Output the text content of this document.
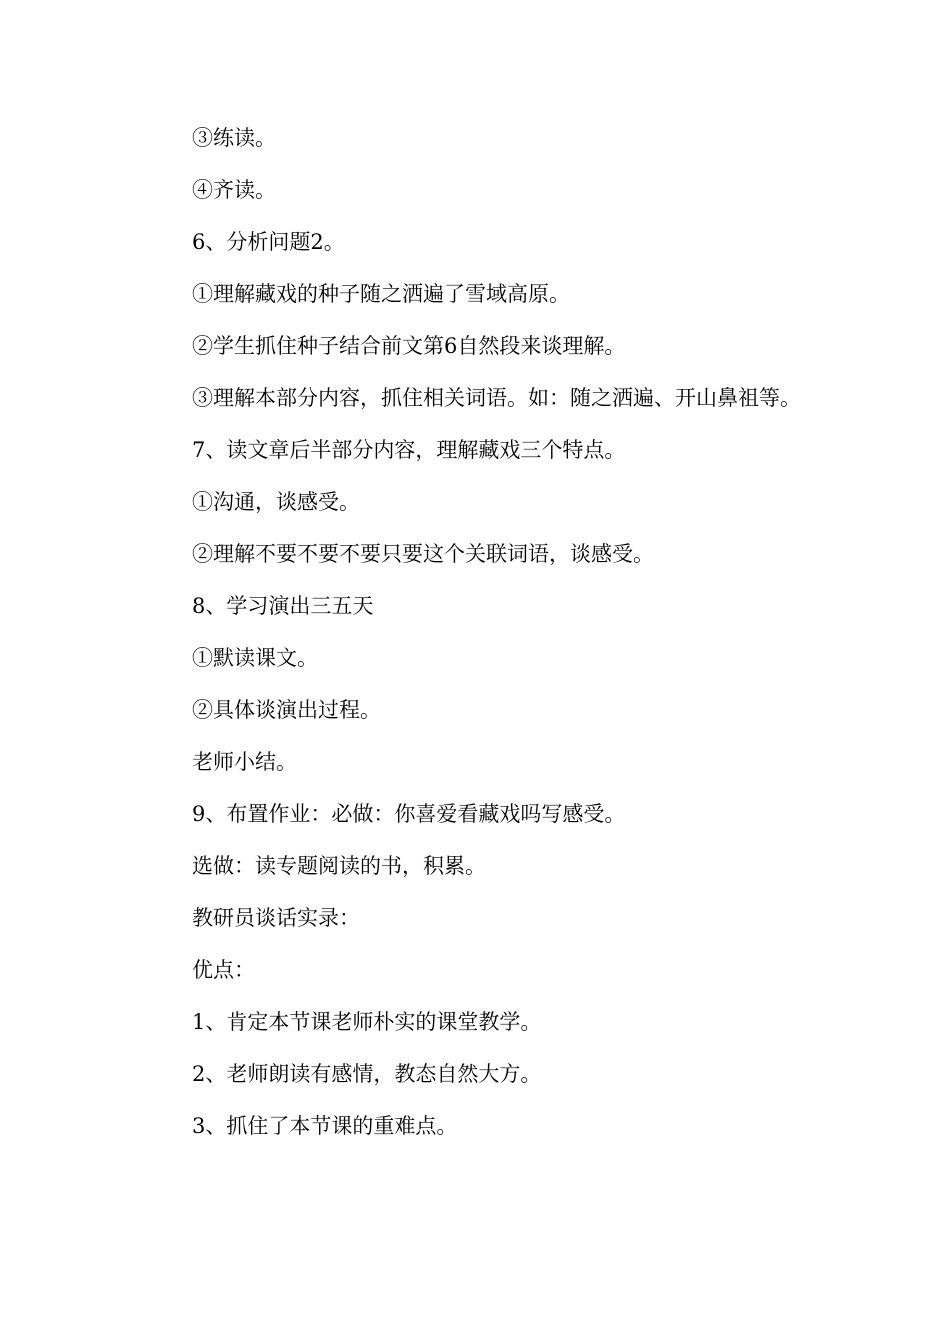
③练读。

④齐读。

6、分析问题2。

①理解藏戏的种子随之洒遍了雪域高原。

②学生抓住种子结合前文第6自然段来谈理解。

③理解本部分内容，抓住相关词语。如：随之洒遍、开山鼻祖等。

7、读文章后半部分内容，理解藏戏三个特点。

①沟通，谈感受。

②理解不要不要不要只要这个关联词语，谈感受。

8、学习演出三五天

①默读课文。

②具体谈演出过程。

老师小结。

9、布置作业：必做：你喜爱看藏戏吗写感受。

选做：读专题阅读的书，积累。

教研员谈话实录：

优点：

1、肯定本节课老师朴实的课堂教学。

2、老师朗读有感情，教态自然大方。

3、抓住了本节课的重难点。
